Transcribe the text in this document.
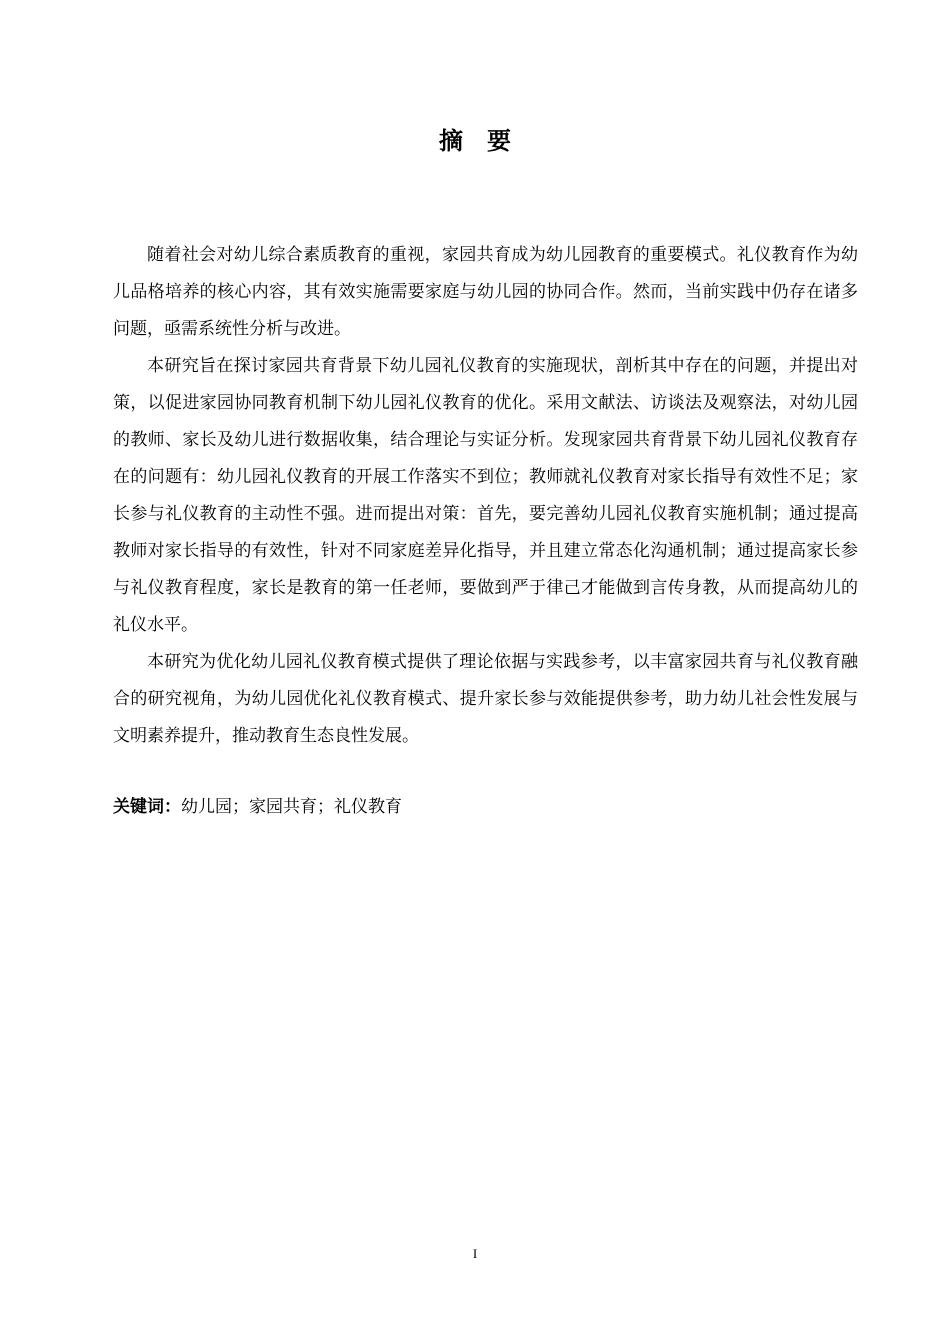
摘　要

随着社会对幼儿综合素质教育的重视，家园共育成为幼儿园教育的重要模式。礼仪教育作为幼儿品格培养的核心内容，其有效实施需要家庭与幼儿园的协同合作。然而，当前实践中仍存在诸多问题，亟需系统性分析与改进。

本研究旨在探讨家园共育背景下幼儿园礼仪教育的实施现状，剖析其中存在的问题，并提出对策，以促进家园协同教育机制下幼儿园礼仪教育的优化。采用文献法、访谈法及观察法，对幼儿园的教师、家长及幼儿进行数据收集，结合理论与实证分析。发现家园共育背景下幼儿园礼仪教育存在的问题有：幼儿园礼仪教育的开展工作落实不到位；教师就礼仪教育对家长指导有效性不足；家长参与礼仪教育的主动性不强。进而提出对策：首先，要完善幼儿园礼仪教育实施机制；通过提高教师对家长指导的有效性，针对不同家庭差异化指导，并且建立常态化沟通机制；通过提高家长参与礼仪教育程度，家长是教育的第一任老师，要做到严于律己才能做到言传身教，从而提高幼儿的礼仪水平。

本研究为优化幼儿园礼仪教育模式提供了理论依据与实践参考，以丰富家园共育与礼仪教育融合的研究视角，为幼儿园优化礼仪教育模式、提升家长参与效能提供参考，助力幼儿社会性发展与文明素养提升，推动教育生态良性发展。

关键词：幼儿园；家园共育；礼仪教育
I
